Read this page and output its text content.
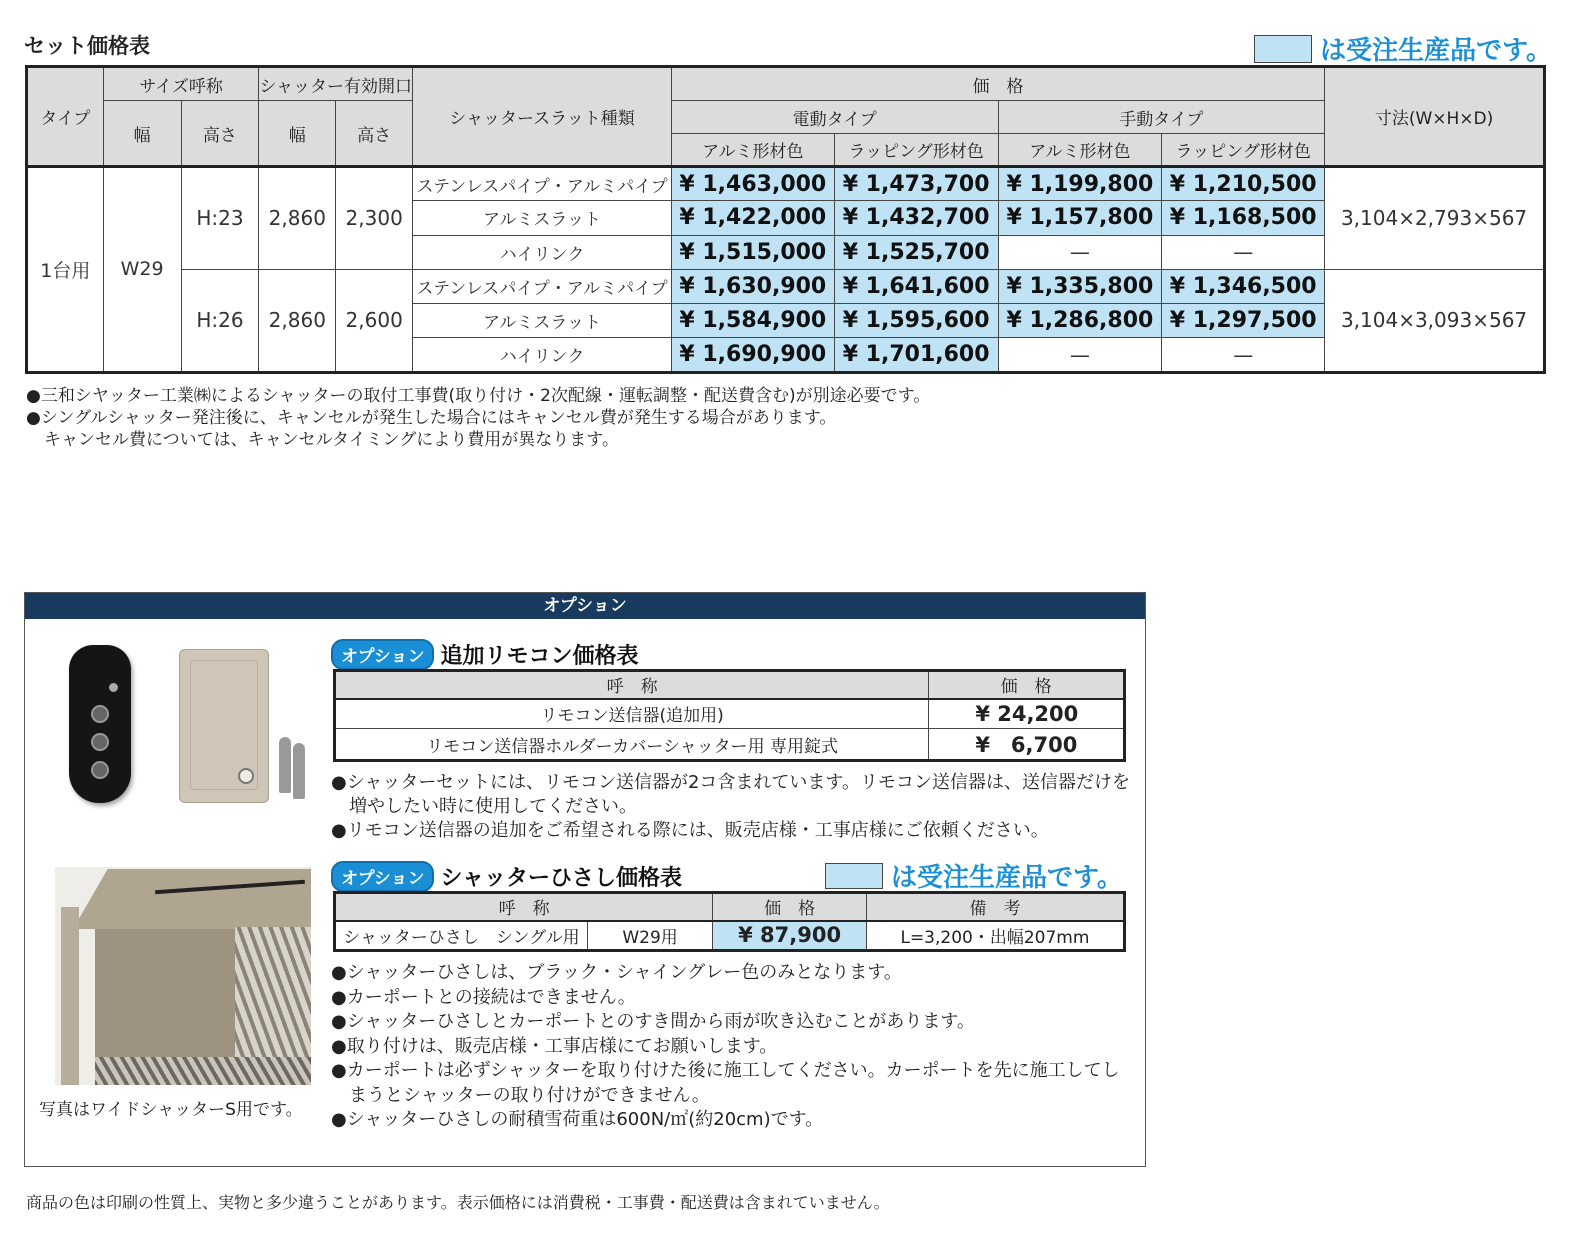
セット価格表	は受注生産品です。
タイプ	サイズ呼称		シャッター有効開口		シャッタースラット種類	価　格				寸法(W×H×D)
	幅	高さ	幅	高さ		電動タイプ		手動タイプ		
						アルミ形材色	ラッピング形材色	アルミ形材色	ラッピング形材色	
1台用	W29	H:23	2,860	2,300	ステンレスパイプ・アルミパイプ	¥ 1,463,000	¥ 1,473,700	¥ 1,199,800	¥ 1,210,500	3,104×2,793×567
					アルミスラット	¥ 1,422,000	¥ 1,432,700	¥ 1,157,800	¥ 1,168,500	
					ハイリンク	¥ 1,515,000	¥ 1,525,700	—	—	
		H:26	2,860	2,600	ステンレスパイプ・アルミパイプ	¥ 1,630,900	¥ 1,641,600	¥ 1,335,800	¥ 1,346,500	3,104×3,093×567
					アルミスラット	¥ 1,584,900	¥ 1,595,600	¥ 1,286,800	¥ 1,297,500	
					ハイリンク	¥ 1,690,900	¥ 1,701,600	—	—	
●三和シヤッター工業㈱によるシャッターの取付工事費(取り付け・2次配線・運転調整・配送費含む)が別途必要です。
●シングルシャッター発注後に、キャンセルが発生した場合にはキャンセル費が発生する場合があります。
キャンセル費については、キャンセルタイミングにより費用が異なります。
オプション
写真はワイドシャッターS用です。
オプション 追加リモコン価格表
呼　称	価　格
リモコン送信器(追加用)	¥ 24,200
リモコン送信器ホルダーカバーシャッター用 専用錠式	¥　6,700
●シャッターセットには、リモコン送信器が2コ含まれています。リモコン送信器は、送信器だけを
増やしたい時に使用してください。
●リモコン送信器の追加をご希望される際には、販売店様・工事店様にご依頼ください。
オプション シャッターひさし価格表	は受注生産品です。
呼　称		価　格	備　考
シャッターひさし　シングル用	W29用	¥ 87,900	L=3,200・出幅207mm
●シャッターひさしは、ブラック・シャイングレー色のみとなります。
●カーポートとの接続はできません。
●シャッターひさしとカーポートとのすき間から雨が吹き込むことがあります。
●取り付けは、販売店様・工事店様にてお願いします。
●カーポートは必ずシャッターを取り付けた後に施工してください。カーポートを先に施工してし
まうとシャッターの取り付けができません。
●シャッターひさしの耐積雪荷重は600N/㎡(約20cm)です。
商品の色は印刷の性質上、実物と多少違うことがあります。表示価格には消費税・工事費・配送費は含まれていません。
